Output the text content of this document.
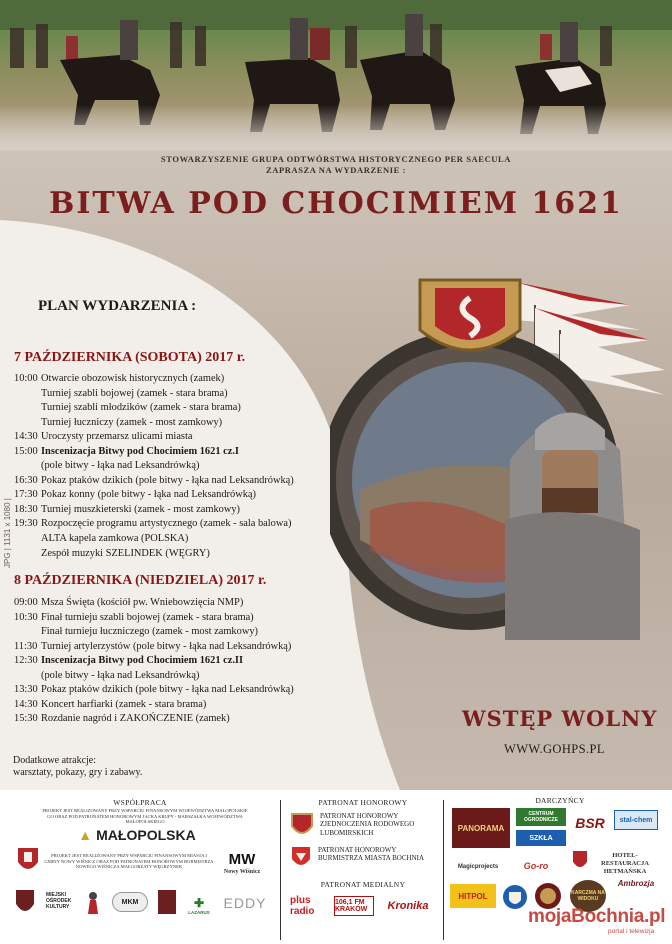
STOWARZYSZENIE GRUPA ODTWÓRSTWA HISTORYCZNEGO PER SAECULA
ZAPRASZA NA WYDARZENIE :
BITWA POD CHOCIMIEM 1621
PLAN WYDARZENIA :
7 PAŹDZIERNIKA (SOBOTA) 2017 r.
10:00 Otwarcie obozowisk historycznych (zamek)
Turniej szabli bojowej (zamek - stara brama)
Turniej szabli młodzików (zamek - stara brama)
Turniej łuczniczy (zamek - most zamkowy)
14:30 Uroczysty przemarsz ulicami miasta
15:00 Inscenizacja Bitwy pod Chocimiem 1621 cz.I
(pole bitwy - łąka nad Leksandrówką)
16:30 Pokaz ptaków dzikich (pole bitwy - łąka nad Leksandrówką)
17:30 Pokaz konny (pole bitwy - łąka nad Leksandrówką)
18:30 Turniej muszkieterski (zamek - most zamkowy)
19:30 Rozpoczęcie programu artystycznego (zamek - sala balowa)
ALTA kapela zamkowa (POLSKA)
Zespół muzyki SZELINDEK (WĘGRY)
8 PAŹDZIERNIKA (NIEDZIELA) 2017 r.
09:00 Msza Święta (kościół pw. Wniebowzięcia NMP)
10:30 Finał turnieju szabli bojowej (zamek - stara brama)
Finał turnieju łuczniczego (zamek - most zamkowy)
11:30 Turniej artylerzystów (pole bitwy - łąka nad Leksandrówką)
12:30 Inscenizacja Bitwy pod Chocimiem 1621 cz.II
(pole bitwy - łąka nad Leksandrówką)
13:30 Pokaz ptaków dzikich (pole bitwy - łąka nad Leksandrówką)
14:30 Koncert harfiarki (zamek - stara brama)
15:30 Rozdanie nagród i ZAKOŃCZENIE (zamek)
Dodatkowe atrakcje:
warsztaty, pokazy, gry i zabawy.
JPG | 1131 x 1080 |
WSTĘP WOLNY
WWW.GOHPS.PL
WSPÓŁPRACA
PROJEKT JEST REALIZOWANY PRZY WSPARCIU FINANSOWYM WOJEWÓDZTWA MAŁOPOLSKIE GO ORAZ POD PATRONATEM HONOROWYM JACKA KRUPY - MARSZAŁKA WOJEWÓDZTWA MAŁOPOLSKIEGO
▲ MAŁOPOLSKA
PROJEKT JEST REALIZOWANY PRZY WSPARCIU FINANSOWYM MIASTA I GMINY NOWY WIŚNICZ ORAZ POD PATRONATEM HONOROWYM BURMISTRZA NOWEGO WIŚNICZA MAŁGORZATY WĘGRZYNEK	MW
Nowy Wiśnicz
MIEJSKI OŚRODEK KULTURY
MKM	✚
LAZARUS
EDDY
PATRONAT HONOROWY
PATRONAT HONOROWY ZJEDNOCZENIA RODOWEGO LUBOMIRSKICH
PATRONAT HONOROWY BURMISTRZA MIASTA BOCHNIA
PATRONAT MEDIALNY
plus radio
106,1 FM KRAKÓW	Kronika
DARCZYŃCY
PANORAMA
CENTRUM OGRODNICZE
SZKŁA
BSR	stal-chem
Magicprojects	Go-ro
HOTEL-RESTAURACJA HETMAŃSKA
Ambrozja
HITPOL	KARCZMA NA WIDOKU
mojaBochnia.pl
portal i telewizja
